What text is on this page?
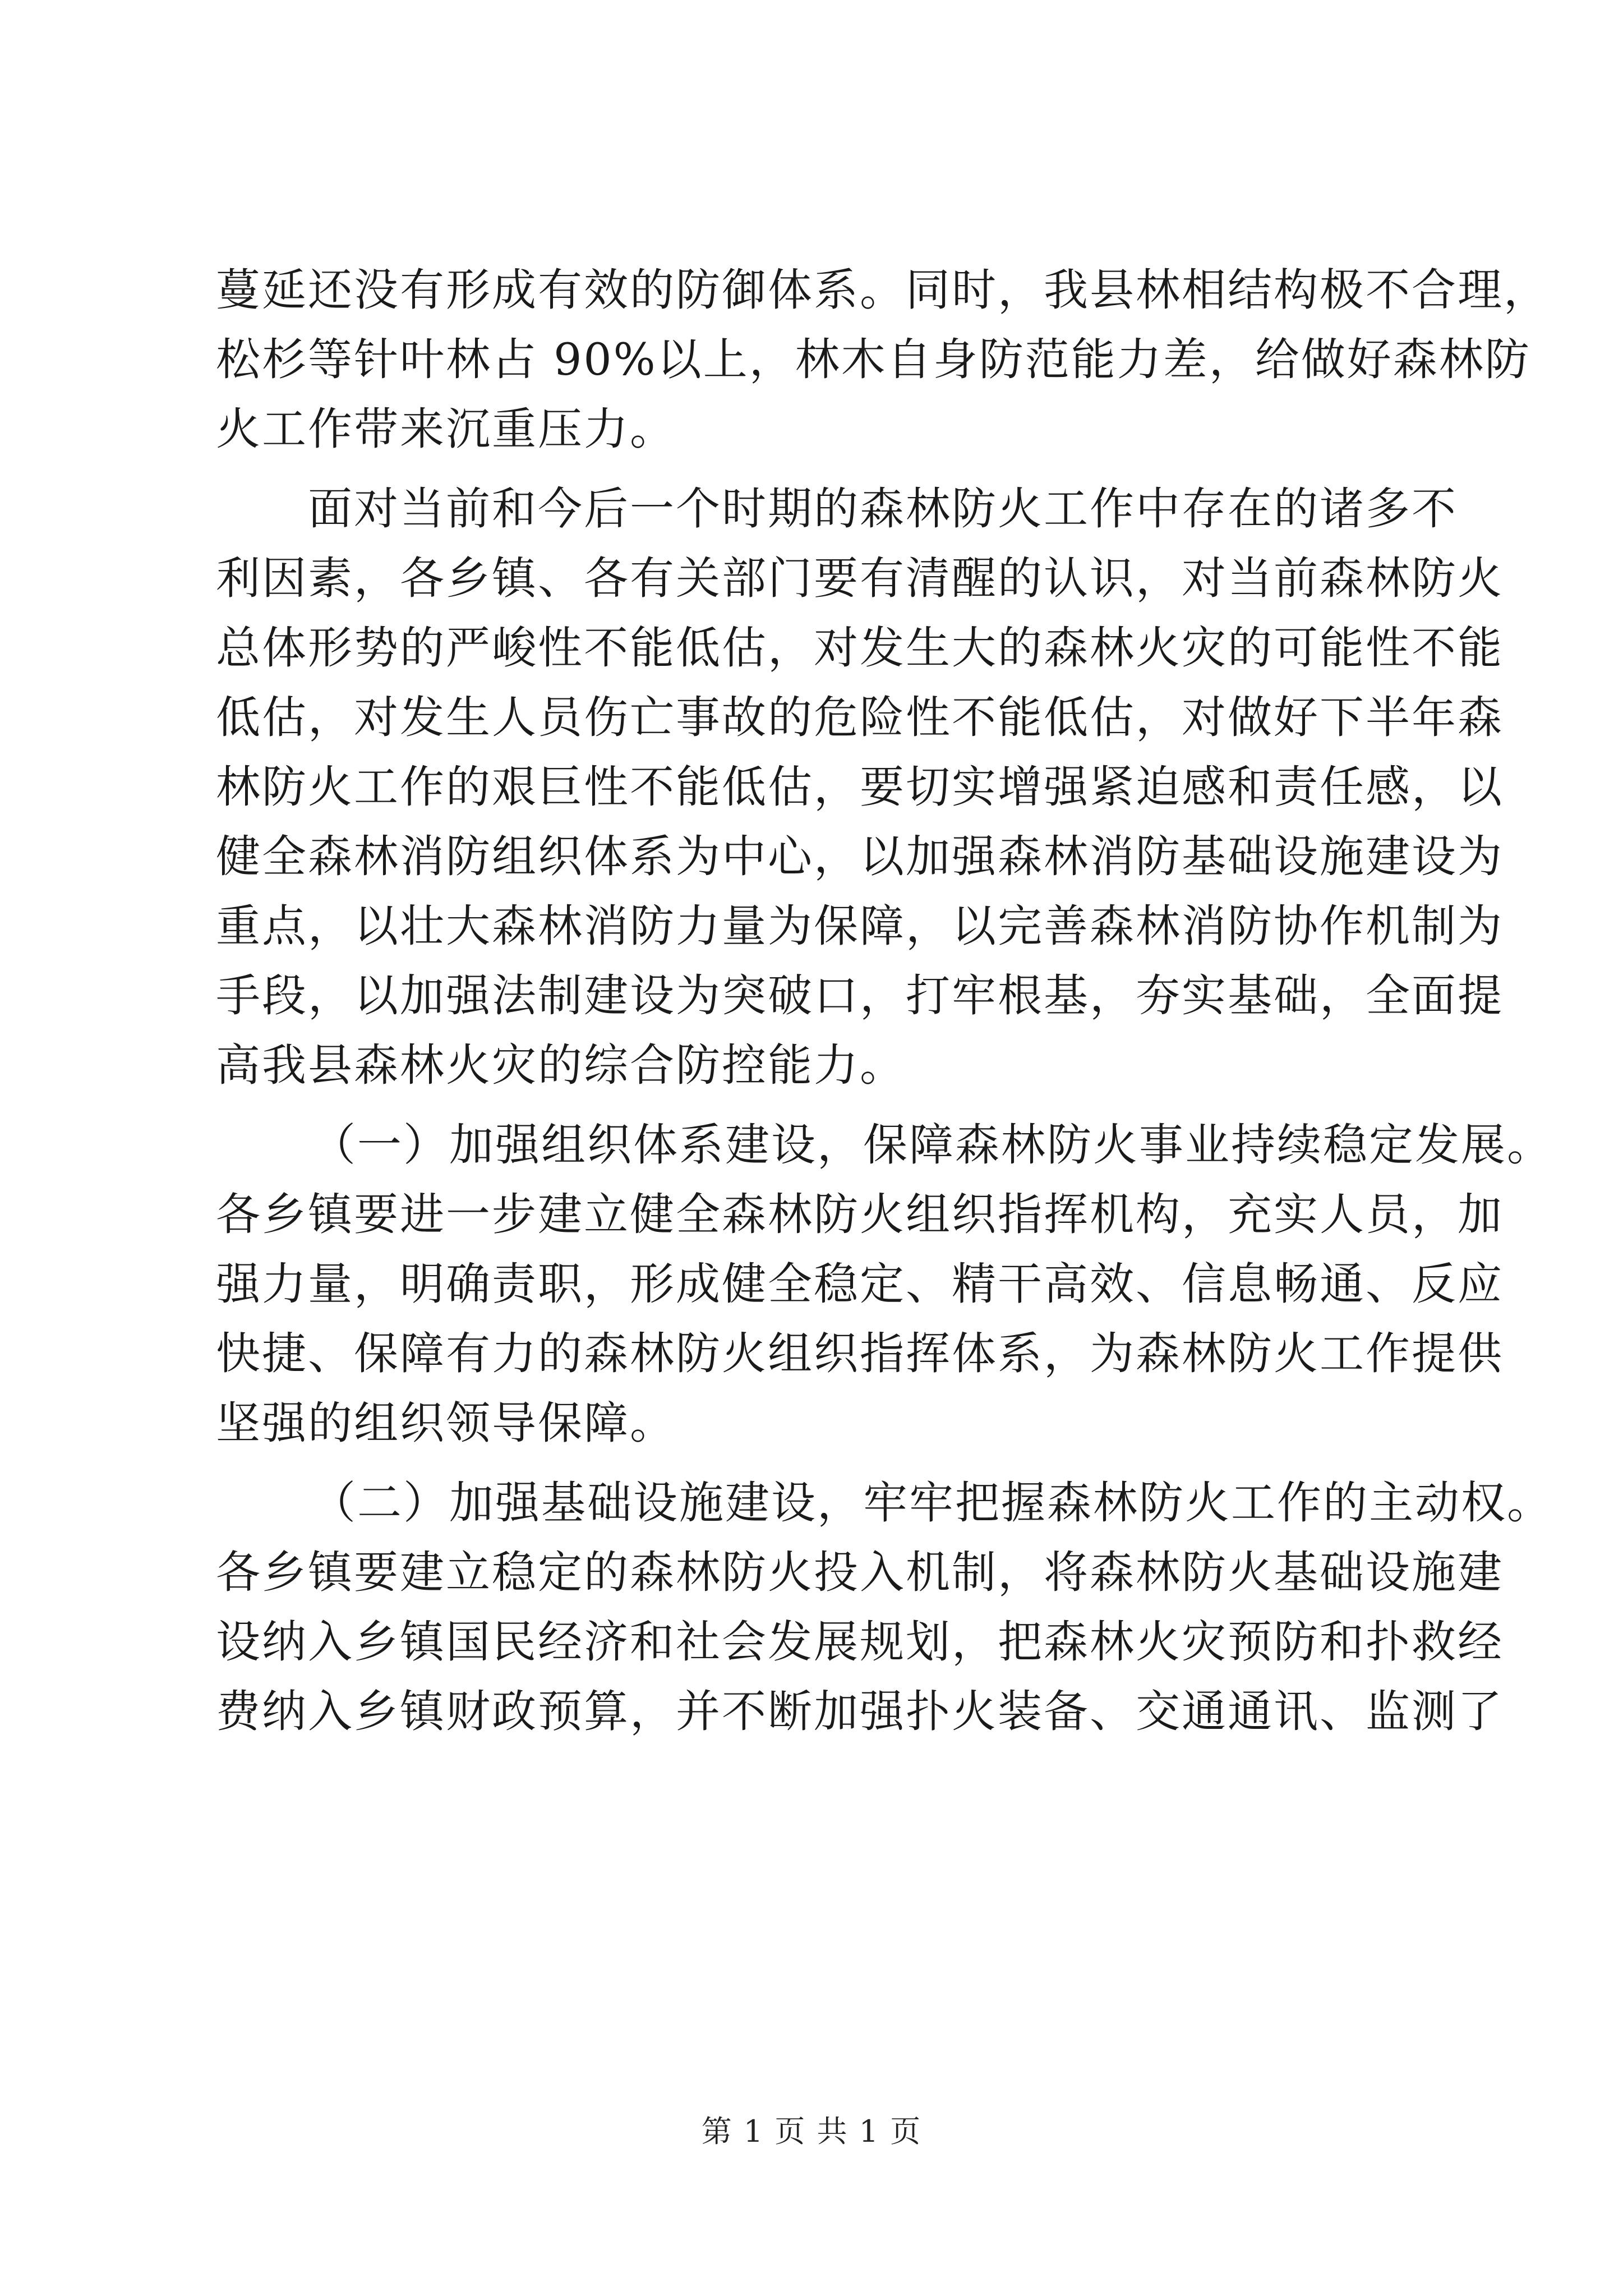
蔓延还没有形成有效的防御体系。同时，我县林相结构极不合理，
松杉等针叶林占 90%以上，林木自身防范能力差，给做好森林防
火工作带来沉重压力。
面对当前和今后一个时期的森林防火工作中存在的诸多不
利因素，各乡镇、各有关部门要有清醒的认识，对当前森林防火
总体形势的严峻性不能低估，对发生大的森林火灾的可能性不能
低估，对发生人员伤亡事故的危险性不能低估，对做好下半年森
林防火工作的艰巨性不能低估，要切实增强紧迫感和责任感，以
健全森林消防组织体系为中心，以加强森林消防基础设施建设为
重点，以壮大森林消防力量为保障，以完善森林消防协作机制为
手段，以加强法制建设为突破口，打牢根基，夯实基础，全面提
高我县森林火灾的综合防控能力。
（一）加强组织体系建设，保障森林防火事业持续稳定发展。
各乡镇要进一步建立健全森林防火组织指挥机构，充实人员，加
强力量，明确责职，形成健全稳定、精干高效、信息畅通、反应
快捷、保障有力的森林防火组织指挥体系，为森林防火工作提供
坚强的组织领导保障。
（二）加强基础设施建设，牢牢把握森林防火工作的主动权。
各乡镇要建立稳定的森林防火投入机制，将森林防火基础设施建
设纳入乡镇国民经济和社会发展规划，把森林火灾预防和扑救经
费纳入乡镇财政预算，并不断加强扑火装备、交通通讯、监测了
第 1 页 共 1 页
